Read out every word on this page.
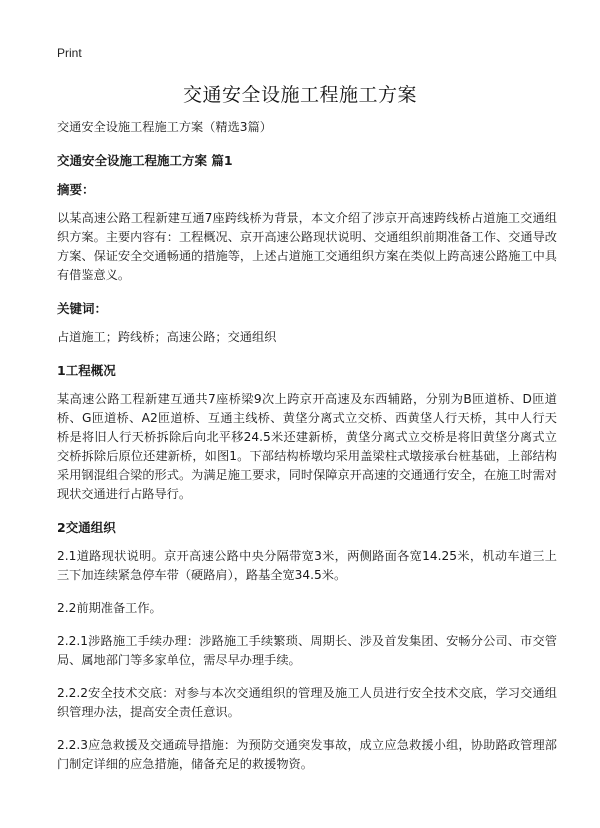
Print
交通安全设施工程施工方案

交通安全设施工程施工方案（精选3篇）

交通安全设施工程施工方案 篇1

摘要：

以某高速公路工程新建互通7座跨线桥为背景，本文介绍了涉京开高速跨线桥占道施工交通组织方案。主要内容有：工程概况、京开高速公路现状说明、交通组织前期准备工作、交通导改方案、保证安全交通畅通的措施等，上述占道施工交通组织方案在类似上跨高速公路施工中具有借鉴意义。

关键词：

占道施工；跨线桥；高速公路；交通组织

1工程概况

某高速公路工程新建互通共7座桥梁9次上跨京开高速及东西辅路，分别为B匝道桥、D匝道桥、G匝道桥、A2匝道桥、互通主线桥、黄垡分离式立交桥、西黄垡人行天桥，其中人行天桥是将旧人行天桥拆除后向北平移24.5米还建新桥，黄垡分离式立交桥是将旧黄垡分离式立交桥拆除后原位还建新桥，如图1。下部结构桥墩均采用盖梁柱式墩接承台桩基础，上部结构采用钢混组合梁的形式。为满足施工要求，同时保障京开高速的交通通行安全，在施工时需对现状交通进行占路导行。

2交通组织

2.1道路现状说明。京开高速公路中央分隔带宽3米，两侧路面各宽14.25米，机动车道三上三下加连续紧急停车带（硬路肩），路基全宽34.5米。

2.2前期准备工作。

2.2.1涉路施工手续办理：涉路施工手续繁琐、周期长、涉及首发集团、安畅分公司、市交管局、属地部门等多家单位，需尽早办理手续。

2.2.2安全技术交底：对参与本次交通组织的管理及施工人员进行安全技术交底，学习交通组织管理办法，提高安全责任意识。

2.2.3应急救援及交通疏导措施：为预防交通突发事故，成立应急救援小组，协助路政管理部门制定详细的应急措施，储备充足的救援物资。
